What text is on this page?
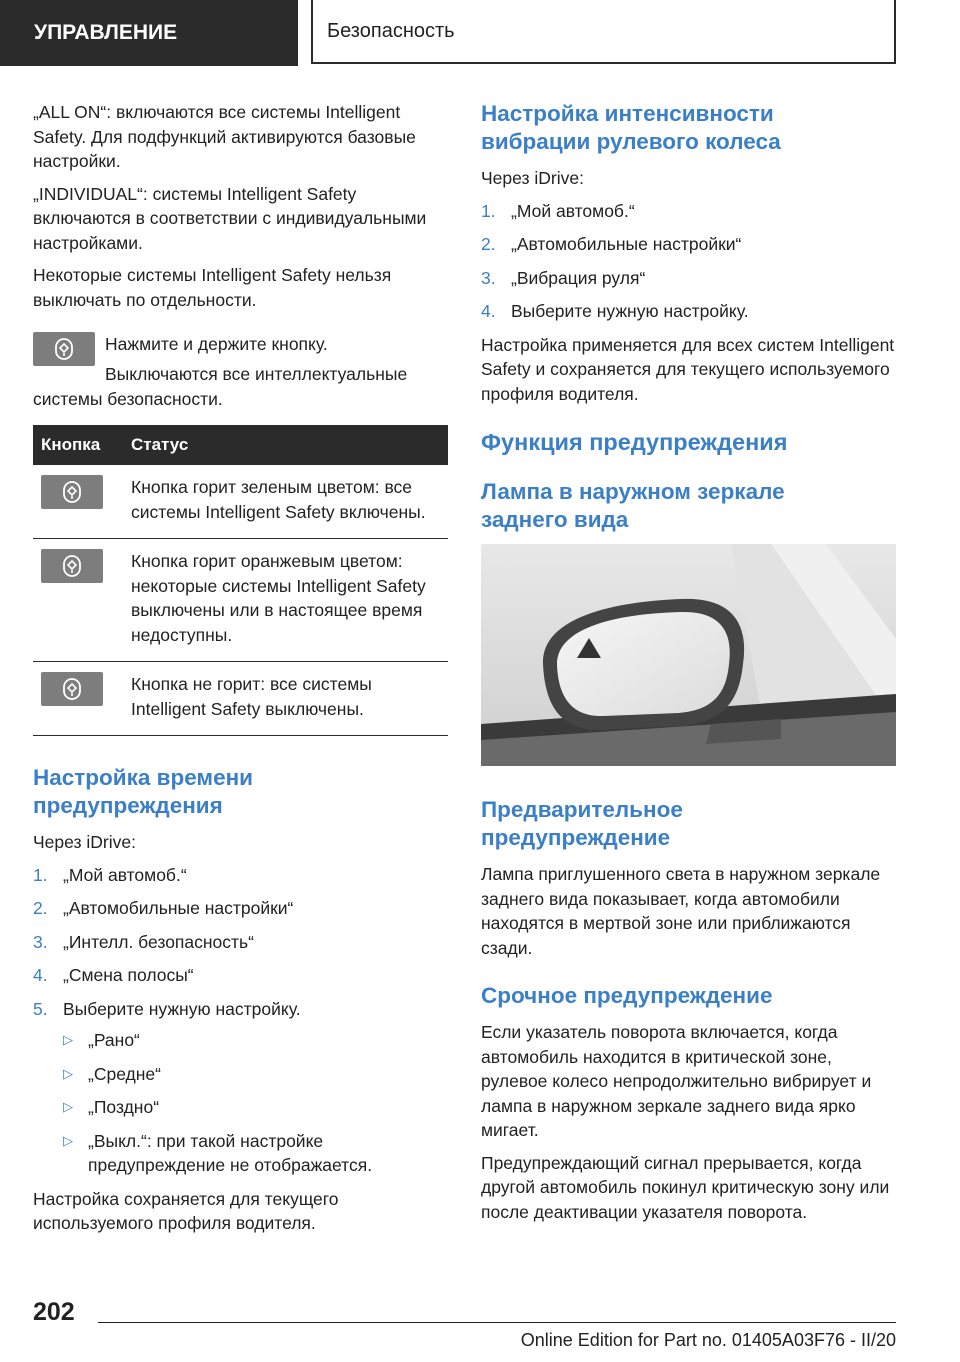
УПРАВЛЕНИЕ	Безопасность

„ALL ON“: включаются все системы Intelligent Safety. Для подфункций активируются базовые настройки.

„INDIVIDUAL“: системы Intelligent Safety включаются в соответствии с индивидуальными настройками.

Некоторые системы Intelligent Safety нельзя выключать по отдельности.

Нажмите и держите кнопку.

Выключаются все интеллектуальные системы безопасности.

Кнопка	Статус

	Кнопка горит зеленым цветом: все системы Intelligent Safety включены.

	Кнопка горит оранжевым цветом: некоторые системы Intelligent Safety выключены или в настоящее время недоступны.

	Кнопка не горит: все системы Intelligent Safety выключены.
Настройка времени предупреждения

Через iDrive:

1. „Мой автомоб.“
2. „Автомобильные настройки“
3. „Интелл. безопасность“
4. „Смена полосы“
5. Выберите нужную настройку.
▷ „Рано“
▷ „Средне“
▷ „Поздно“
▷ „Выкл.“: при такой настройке предупреждение не отображается.

Настройка сохраняется для текущего используемого профиля водителя.

Настройка интенсивности вибрации рулевого колеса

Через iDrive:

1. „Мой автомоб.“
2. „Автомобильные настройки“
3. „Вибрация руля“
4. Выберите нужную настройку.

Настройка применяется для всех систем Intelligent Safety и сохраняется для текущего используемого профиля водителя.

Функция предупреждения
Лампа в наружном зеркале заднего вида
Предварительное предупреждение

Лампа приглушенного света в наружном зеркале заднего вида показывает, когда автомобили находятся в мертвой зоне или приближаются сзади.

Срочное предупреждение

Если указатель поворота включается, когда автомобиль находится в критической зоне, рулевое колесо непродолжительно вибрирует и лампа в наружном зеркале заднего вида ярко мигает.

Предупреждающий сигнал прерывается, когда другой автомобиль покинул критическую зону или после деактивации указателя поворота.

202
Online Edition for Part no. 01405A03F76 - II/20
